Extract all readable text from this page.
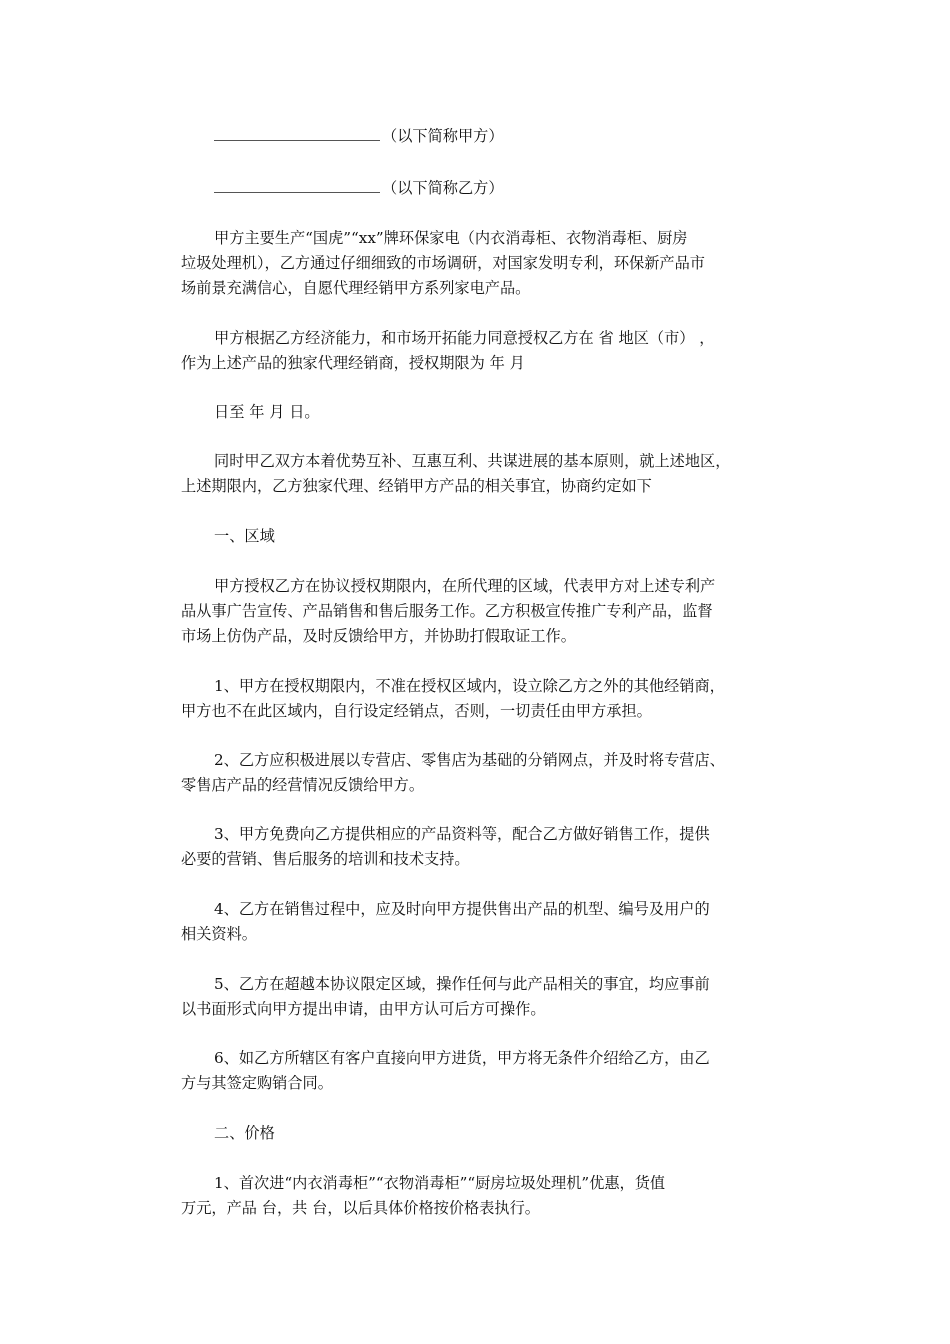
（以下简称甲方）

（以下简称乙方）

甲方主要生产“国虎”“xx”牌环保家电（内衣消毒柜、衣物消毒柜、厨房
垃圾处理机），乙方通过仔细细致的市场调研，对国家发明专利，环保新产品市
场前景充满信心，自愿代理经销甲方系列家电产品。

甲方根据乙方经济能力，和市场开拓能力同意授权乙方在 省 地区（市） ，
作为上述产品的独家代理经销商，授权期限为 年 月

日至 年 月 日。

同时甲乙双方本着优势互补、互惠互利、共谋进展的基本原则，就上述地区，
上述期限内，乙方独家代理、经销甲方产品的相关事宜，协商约定如下

一、区域

甲方授权乙方在协议授权期限内，在所代理的区域，代表甲方对上述专利产
品从事广告宣传、产品销售和售后服务工作。乙方积极宣传推广专利产品，监督
市场上仿伪产品，及时反馈给甲方，并协助打假取证工作。

1、甲方在授权期限内，不准在授权区域内，设立除乙方之外的其他经销商，
甲方也不在此区域内，自行设定经销点，否则，一切责任由甲方承担。

2、乙方应积极进展以专营店、零售店为基础的分销网点，并及时将专营店、
零售店产品的经营情况反馈给甲方。

3、甲方免费向乙方提供相应的产品资料等，配合乙方做好销售工作，提供
必要的营销、售后服务的培训和技术支持。

4、乙方在销售过程中，应及时向甲方提供售出产品的机型、编号及用户的
相关资料。

5、乙方在超越本协议限定区域，操作任何与此产品相关的事宜，均应事前
以书面形式向甲方提出申请，由甲方认可后方可操作。

6、如乙方所辖区有客户直接向甲方进货，甲方将无条件介绍给乙方，由乙
方与其签定购销合同。

二、价格

1、首次进“内衣消毒柜”“衣物消毒柜”“厨房垃圾处理机”优惠，货值
万元，产品 台，共 台，以后具体价格按价格表执行。
